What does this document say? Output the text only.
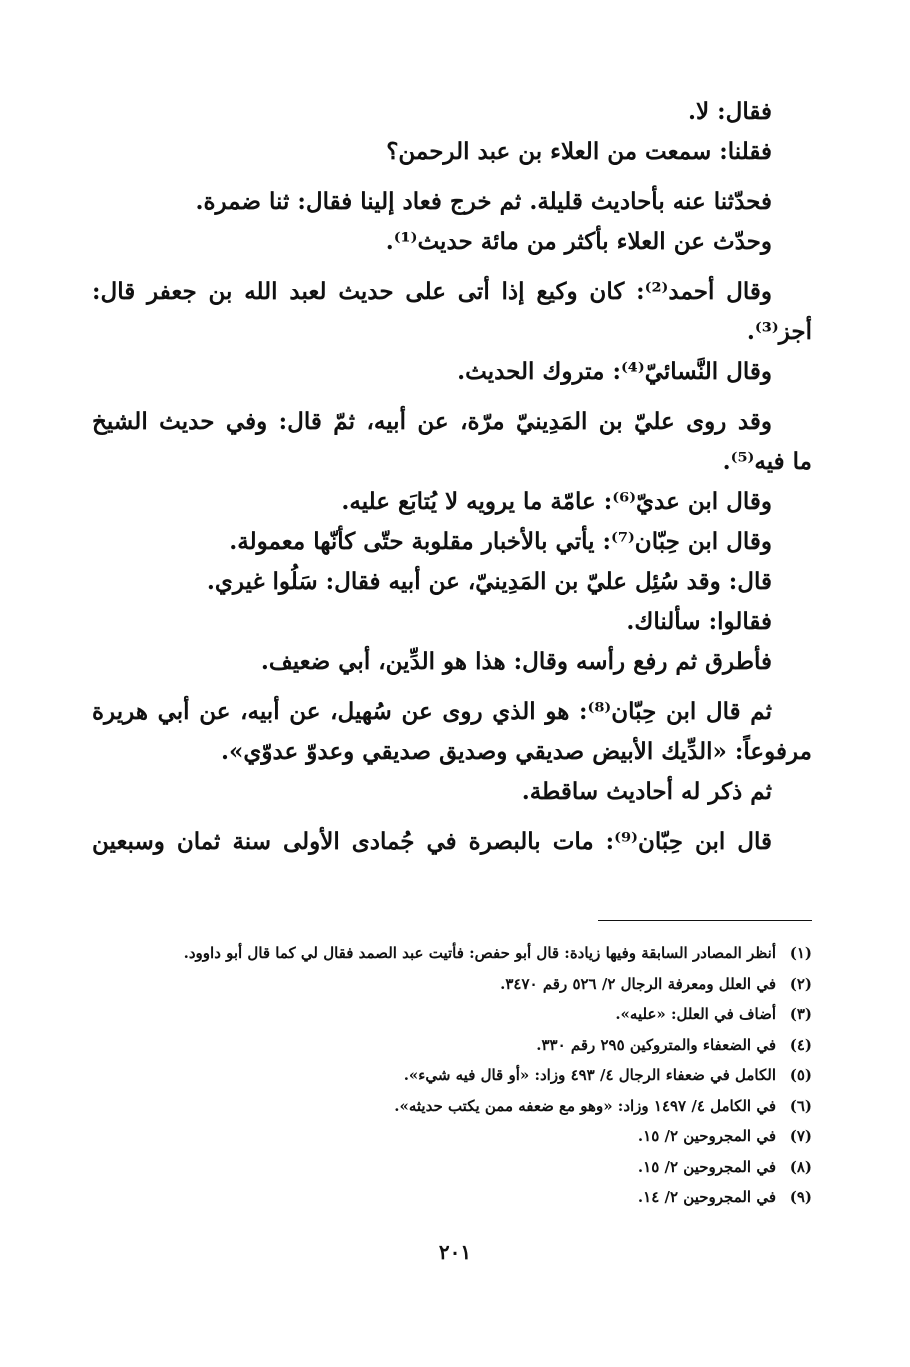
فقال: لا.
فقلنا: سمعت من العلاء بن عبد الرحمن؟
فحدّثنا عنه بأحاديث قليلة. ثم خرج فعاد إلينا فقال: ثنا ضمرة.
وحدّث عن العلاء بأكثر من مائة حديث⁽¹⁾.
وقال أحمد⁽²⁾: كان وكيع إذا أتى على حديث لعبد الله بن جعفر قال:
أجز⁽³⁾.
وقال النَّسائيّ⁽⁴⁾: متروك الحديث.
وقد روى عليّ بن المَدِينيّ مرّة، عن أبيه، ثمّ قال: وفي حديث الشيخ
ما فيه⁽⁵⁾.
وقال ابن عديّ⁽⁶⁾: عامّة ما يرويه لا يُتابَع عليه.
وقال ابن حِبّان⁽⁷⁾: يأتي بالأخبار مقلوبة حتّى كأنّها معمولة.
قال: وقد سُئِل عليّ بن المَدِينيّ، عن أبيه فقال: سَلُوا غيري.
فقالوا: سألناك.
فأطرق ثم رفع رأسه وقال: هذا هو الدِّين، أبي ضعيف.
ثم قال ابن حِبّان⁽⁸⁾: هو الذي روى عن سُهيل، عن أبيه، عن أبي هريرة
مرفوعاً: «الدِّيك الأبيض صديقي وصديق صديقي وعدوّ عدوّي».
ثم ذكر له أحاديث ساقطة.
قال ابن حِبّان⁽⁹⁾: مات بالبصرة في جُمادى الأولى سنة ثمان وسبعين
(١)أنظر المصادر السابقة وفيها زيادة: قال أبو حفص: فأتيت عبد الصمد فقال لي كما قال أبو داوود.
(٢)في العلل ومعرفة الرجال ٢/ ٥٢٦ رقم ٣٤٧٠.
(٣)أضاف في العلل: «عليه».
(٤)في الضعفاء والمتروكين ٢٩٥ رقم ٣٣٠.
(٥)الكامل في ضعفاء الرجال ٤/ ٤٩٣ وزاد: «أو قال فيه شيء».
(٦)في الكامل ٤/ ١٤٩٧ وزاد: «وهو مع ضعفه ممن يكتب حديثه».
(٧)في المجروحين ٢/ ١٥.
(٨)في المجروحين ٢/ ١٥.
(٩)في المجروحين ٢/ ١٤.
٢٠١
